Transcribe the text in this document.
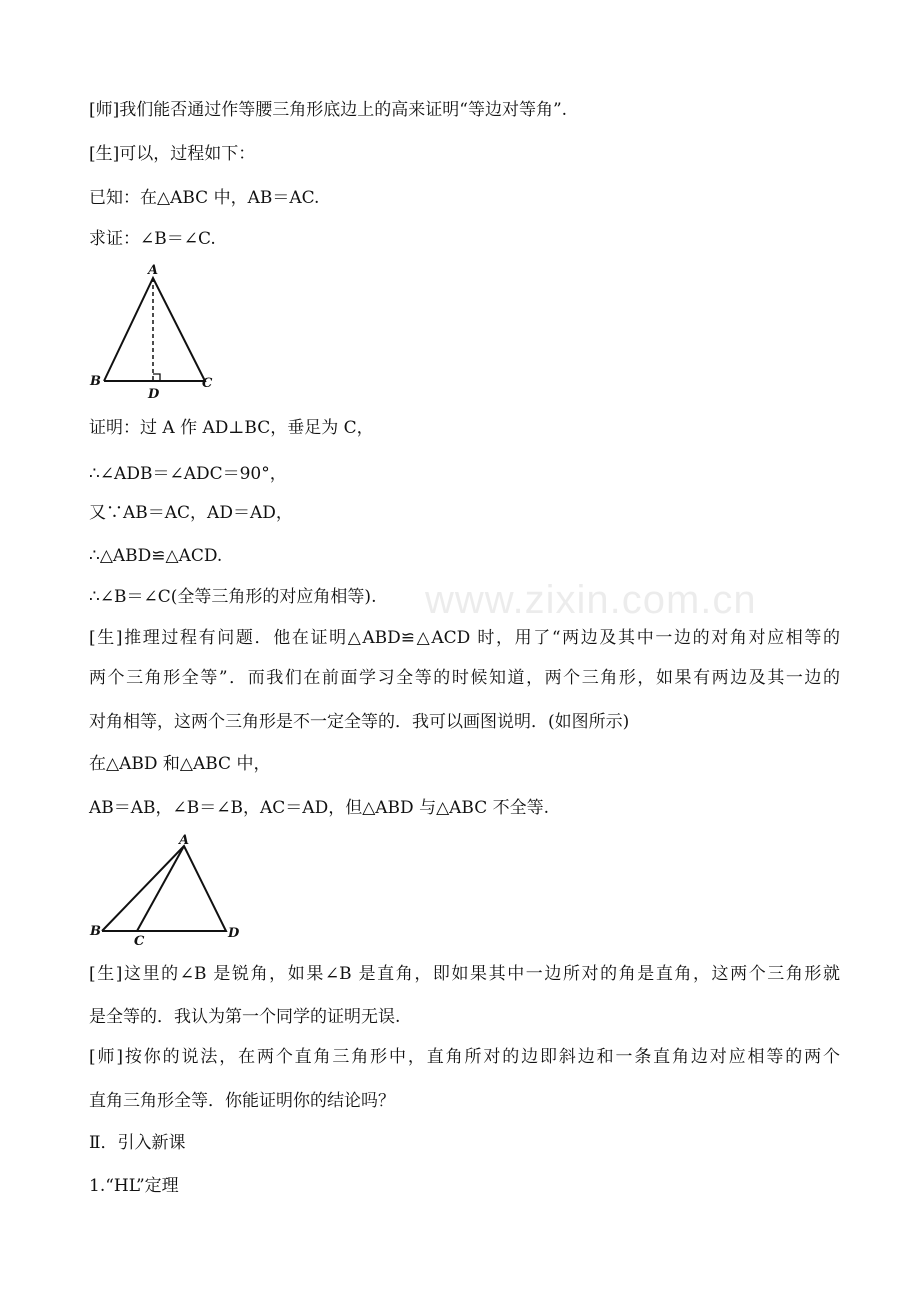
[师]我们能否通过作等腰三角形底边上的高来证明“等边对等角”.
[生]可以，过程如下：
已知：在△ABC 中，AB＝AC.
求证：∠B＝∠C.
A
B	C
D
证明：过 A 作 AD⊥BC，垂足为 C，
∴∠ADB＝∠ADC＝90°，
又∵AB＝AC，AD＝AD，
∴△ABD≌△ACD.
∴∠B＝∠C(全等三角形的对应角相等).
[生]推理过程有问题．他在证明△ABD≌△ACD 时，用了“两边及其中一边的对角对应相等的
两个三角形全等”．而我们在前面学习全等的时候知道，两个三角形，如果有两边及其一边的
对角相等，这两个三角形是不一定全等的．我可以画图说明．(如图所示)
在△ABD 和△ABC 中，
AB＝AB，∠B＝∠B，AC＝AD，但△ABD 与△ABC 不全等.
A
B
C
D
[生]这里的∠B 是锐角，如果∠B 是直角，即如果其中一边所对的角是直角，这两个三角形就
是全等的．我认为第一个同学的证明无误.
[师]按你的说法，在两个直角三角形中，直角所对的边即斜边和一条直角边对应相等的两个
直角三角形全等．你能证明你的结论吗？
Ⅱ．引入新课
1.“HL”定理
www.zixin.com.cn
